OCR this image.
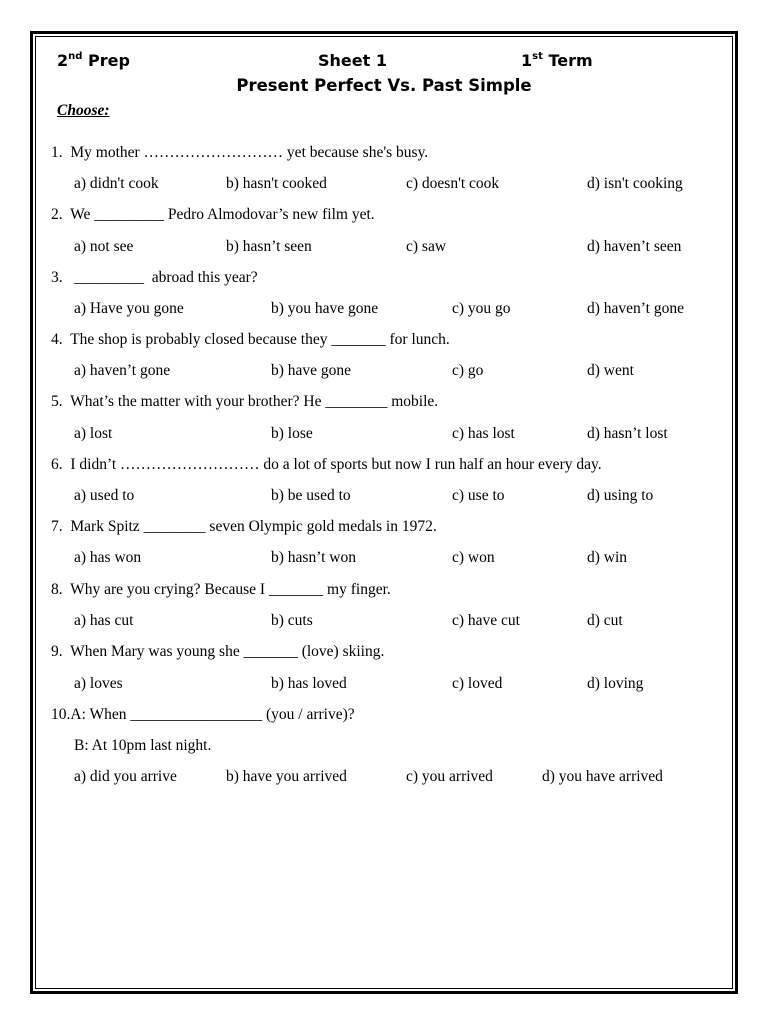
2nd Prep	Sheet 1	1st Term
Present Perfect Vs. Past Simple
Choose:
1.  My mother ……………………… yet because she's busy.
a) didn't cook	b) hasn't cooked	c) doesn't cook	d) isn't cooking
2.  We _________ Pedro Almodovar’s new film yet.
a) not see	b) hasn’t seen	c) saw	d) haven’t seen
3.   _________  abroad this year?
a) Have you gone	b) you have gone	c) you go	d) haven’t gone
4.  The shop is probably closed because they _______ for lunch.
a) haven’t gone	b) have gone	c) go	d) went
5.  What’s the matter with your brother? He ________ mobile.
a) lost	b) lose	c) has lost	d) hasn’t lost
6.  I didn’t ……………………… do a lot of sports but now I run half an hour every day.
a) used to	b) be used to	c) use to	d) using to
7.  Mark Spitz ________ seven Olympic gold medals in 1972.
a) has won	b) hasn’t won	c) won	d) win
8.  Why are you crying? Because I _______ my finger.
a) has cut	b) cuts	c) have cut	d) cut
9.  When Mary was young she _______ (love) skiing.
a) loves	b) has loved	c) loved	d) loving
10.A: When _________________ (you / arrive)?
B: At 10pm last night.
a) did you arrive	b) have you arrived	c) you arrived	d) you have arrived
